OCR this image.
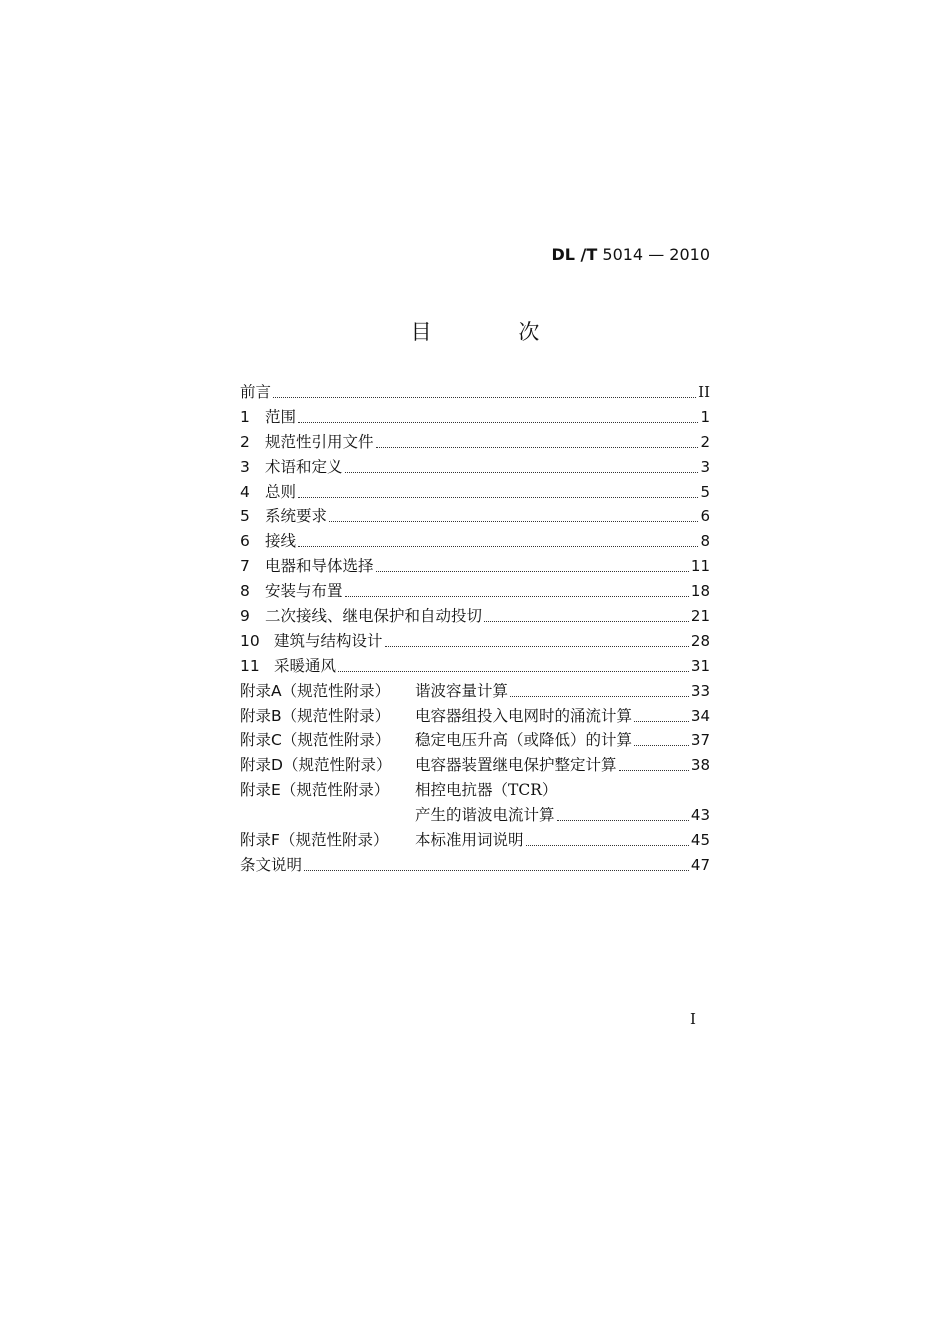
DL /T 5014 — 2010
目 次
前言	II
1 范围	1
2 规范性引用文件	2
3 术语和定义	3
4 总则	5
5 系统要求	6
6 接线	8
7 电器和导体选择	11
8 安装与布置	18
9 二次接线、继电保护和自动投切	21
10 建筑与结构设计	28
11 采暖通风	31
附录A（规范性附录）	谐波容量计算	33
附录B（规范性附录）	电容器组投入电网时的涌流计算	34
附录C（规范性附录）	稳定电压升高（或降低）的计算	37
附录D（规范性附录）	电容器装置继电保护整定计算	38
附录E（规范性附录）	相控电抗器（TCR）
产生的谐波电流计算	43
附录F（规范性附录）	本标准用词说明	45
条文说明	47
I
